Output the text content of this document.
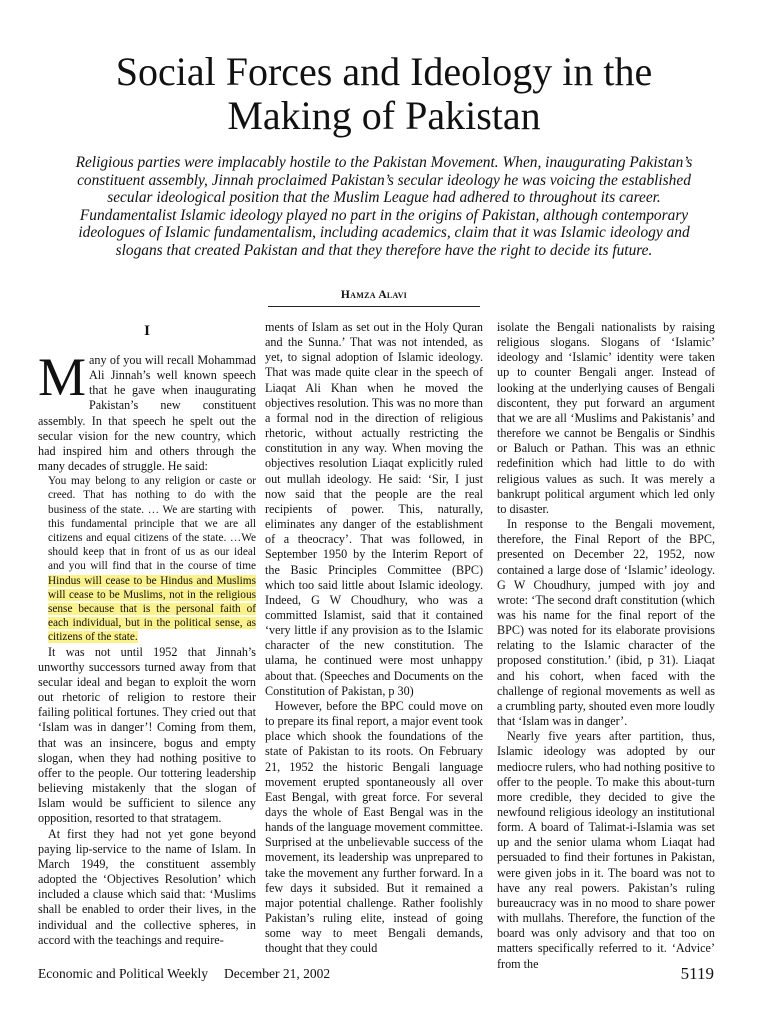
Social Forces and Ideology in the
Making of Pakistan

Religious parties were implacably hostile to the Pakistan Movement. When, inaugurating Pakistan’s constituent assembly, Jinnah proclaimed Pakistan’s secular ideology he was voicing the established secular ideological position that the Muslim League had adhered to throughout its career. Fundamentalist Islamic ideology played no part in the origins of Pakistan, although contemporary ideologues of Islamic fundamentalism, including academics, claim that it was Islamic ideology and slogans that created Pakistan and that they therefore have the right to decide its future.

Hamza Alavi
I

Many of you will recall Mohammad Ali Jinnah’s well known speech that he gave when inaugurating Pakistan’s new constituent assembly. In that speech he spelt out the secular vision for the new country, which had inspired him and others through the many decades of struggle. He said:

You may belong to any religion or caste or creed. That has nothing to do with the business of the state. … We are starting with this fundamental principle that we are all citizens and equal citizens of the state. …We should keep that in front of us as our ideal and you will find that in the course of time Hindus will cease to be Hindus and Muslims will cease to be Muslims, not in the religious sense because that is the personal faith of each individual, but in the political sense, as citizens of the state.

It was not until 1952 that Jinnah’s unworthy successors turned away from that secular ideal and began to exploit the worn out rhetoric of religion to restore their failing political fortunes. They cried out that ‘Islam was in danger’! Coming from them, that was an insincere, bogus and empty slogan, when they had nothing positive to offer to the people. Our tottering leadership believing mistakenly that the slogan of Islam would be sufficient to silence any opposition, resorted to that stratagem.

At first they had not yet gone beyond paying lip-service to the name of Islam. In March 1949, the constituent assembly adopted the ‘Objectives Resolution’ which included a clause which said that: ‘Muslims shall be enabled to order their lives, in the individual and the collective spheres, in accord with the teachings and require-

ments of Islam as set out in the Holy Quran and the Sunna.’ That was not intended, as yet, to signal adoption of Islamic ideology. That was made quite clear in the speech of Liaqat Ali Khan when he moved the objectives resolution. This was no more than a formal nod in the direction of religious rhetoric, without actually restricting the constitution in any way. When moving the objectives resolution Liaqat explicitly ruled out mullah ideology. He said: ‘Sir, I just now said that the people are the real recipients of power. This, naturally, eliminates any danger of the establishment of a theocracy’. That was followed, in September 1950 by the Interim Report of the Basic Principles Committee (BPC) which too said little about Islamic ideology. Indeed, G W Choudhury, who was a committed Islamist, said that it contained ‘very little if any provision as to the Islamic character of the new constitution. The ulama, he continued were most unhappy about that. (Speeches and Documents on the Constitution of Pakistan, p 30)

However, before the BPC could move on to prepare its final report, a major event took place which shook the foundations of the state of Pakistan to its roots. On February 21, 1952 the historic Bengali language movement erupted spontaneously all over East Bengal, with great force. For several days the whole of East Bengal was in the hands of the language movement committee. Surprised at the unbelievable success of the movement, its leadership was unprepared to take the movement any further forward. In a few days it subsided. But it remained a major potential challenge. Rather foolishly Pakistan’s ruling elite, instead of going some way to meet Bengali demands, thought that they could

isolate the Bengali nationalists by raising religious slogans. Slogans of ‘Islamic’ ideology and ‘Islamic’ identity were taken up to counter Bengali anger. Instead of looking at the underlying causes of Bengali discontent, they put forward an argument that we are all ‘Muslims and Pakistanis’ and therefore we cannot be Bengalis or Sindhis or Baluch or Pathan. This was an ethnic redefinition which had little to do with religious values as such. It was merely a bankrupt political argument which led only to disaster.

In response to the Bengali movement, therefore, the Final Report of the BPC, presented on December 22, 1952, now contained a large dose of ‘Islamic’ ideology. G W Choudhury, jumped with joy and wrote: ‘The second draft constitution (which was his name for the final report of the BPC) was noted for its elaborate provisions relating to the Islamic character of the proposed constitution.’ (ibid, p 31). Liaqat and his cohort, when faced with the challenge of regional movements as well as a crumbling party, shouted even more loudly that ‘Islam was in danger’.

Nearly five years after partition, thus, Islamic ideology was adopted by our mediocre rulers, who had nothing positive to offer to the people. To make this about-turn more credible, they decided to give the newfound religious ideology an institutional form. A board of Talimat-i-Islamia was set up and the senior ulama whom Liaqat had persuaded to find their fortunes in Pakistan, were given jobs in it. The board was not to have any real powers. Pakistan’s ruling bureaucracy was in no mood to share power with mullahs. Therefore, the function of the board was only advisory and that too on matters specifically referred to it. ‘Advice’ from the

Economic and Political Weekly December 21, 2002	5119
